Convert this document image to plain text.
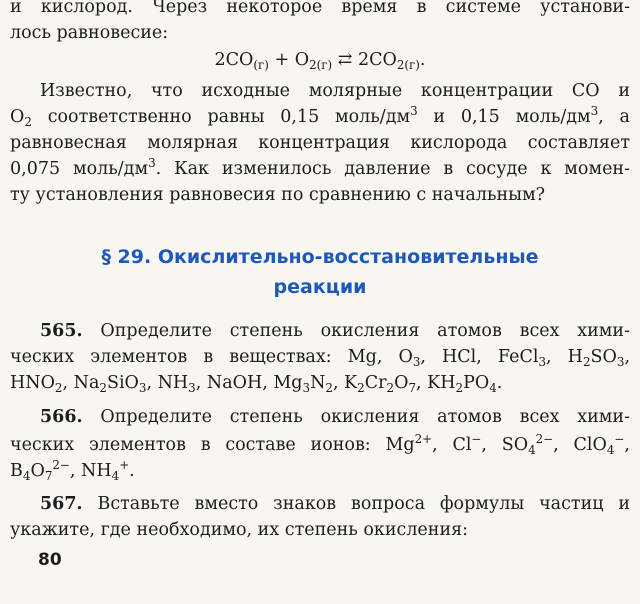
и кислород. Через некоторое время в системе установи-
лось равновесие:
$2CO_{(г)} + O_{2(г)}$ ⇄ $2CO_{2(г)}$.
Известно, что исходные молярные концентрации CO и
$O_2$ соответственно равны 0,15 моль/$дм^3$ и 0,15 моль/$дм^3$, а
равновесная молярная концентрация кислорода составляет
0,075 моль/$дм^3$. Как изменилось давление в сосуде к момен-
ту установления равновесия по сравнению с начальным?
§ 29. Окислительно-восстановительные
реакции
565. Определите степень окисления атомов всех хими-
ческих элементов в веществах: Mg, $O_3$, HCl, FeCl$_3$, $H_2SO_3$,
$HNO_2$, $Na_2SiO_3$, $NH_3$, NaOH, $Mg_3N_2$, $K_2Cr_2O_7$, $KH_2PO_4$.
566. Определите степень окисления атомов всех хими-
ческих элементов в составе ионов: $Mg^{2+}$, Cl−, $SO_4^{2-}$, ClO$_4$−,
$B_4O_7^{2-}$, $NH_4^+$.
567. Вставьте вместо знаков вопроса формулы частиц и
укажите, где необходимо, их степень окисления:
80
